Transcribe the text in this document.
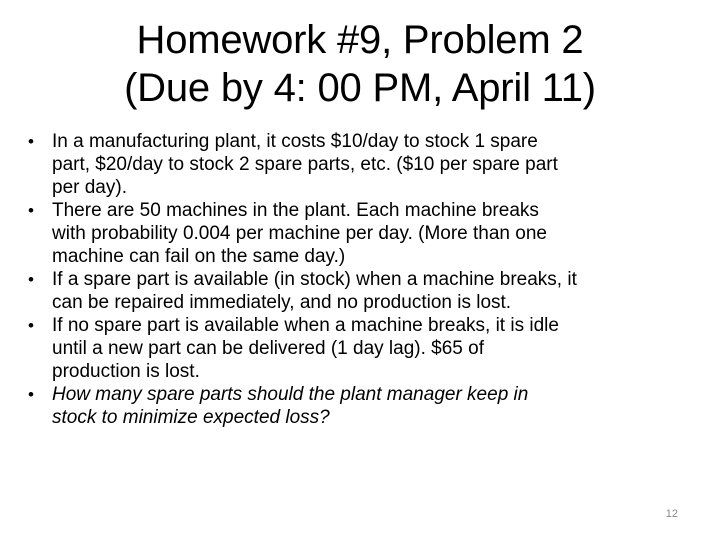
Homework #9, Problem 2
(Due by 4: 00 PM, April 11)
• In a manufacturing plant, it costs $10/day to stock 1 spare
part, $20/day to stock 2 spare parts, etc. ($10 per spare part
per day).
• There are 50 machines in the plant. Each machine breaks
with probability 0.004 per machine per day. (More than one
machine can fail on the same day.)
• If a spare part is available (in stock) when a machine breaks, it
can be repaired immediately, and no production is lost.
• If no spare part is available when a machine breaks, it is idle
until a new part can be delivered (1 day lag). $65 of
production is lost.
• How many spare parts should the plant manager keep in
stock to minimize expected loss?
12
